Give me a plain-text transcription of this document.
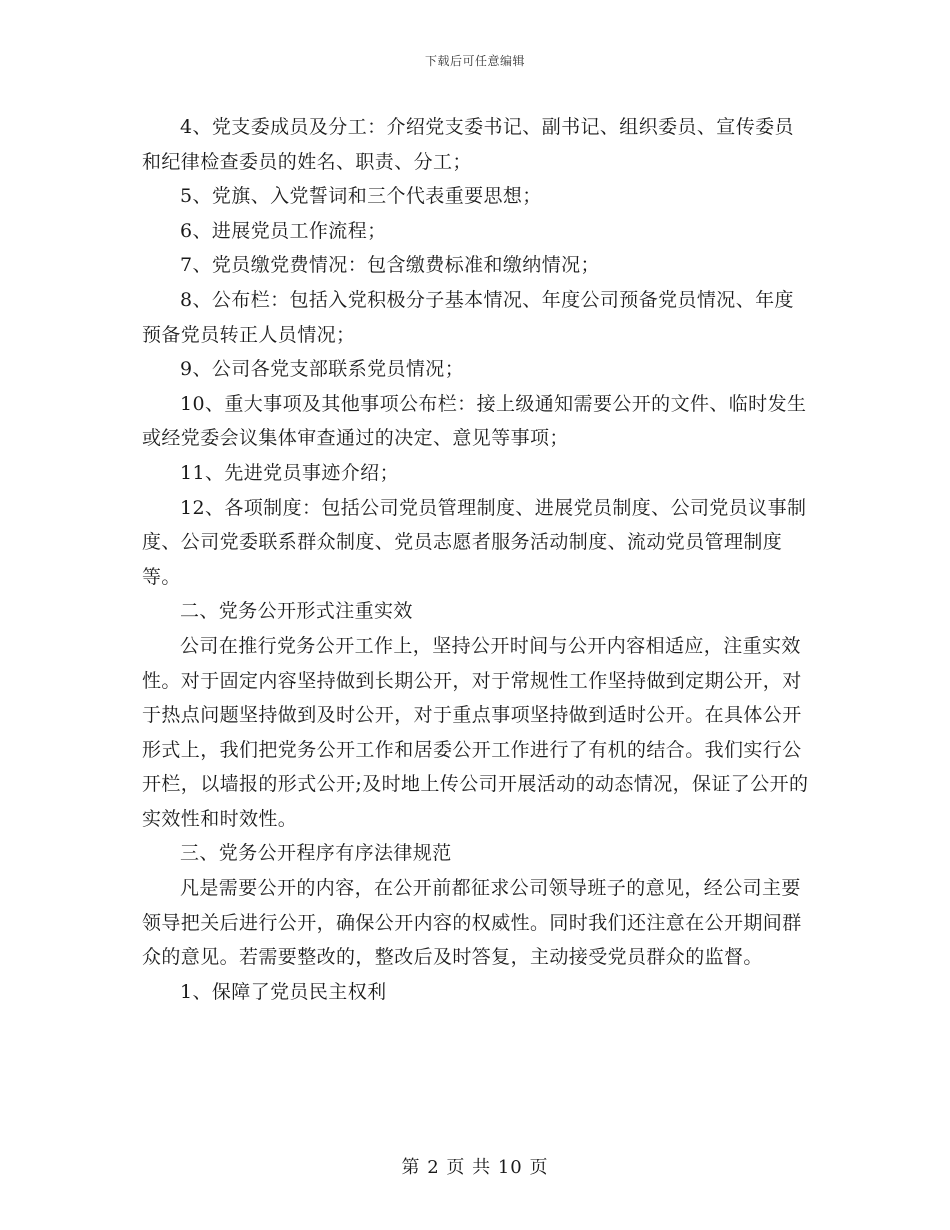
下载后可任意编辑

4、党支委成员及分工：介绍党支委书记、副书记、组织委员、宣传委员和纪律检查委员的姓名、职责、分工；

5、党旗、入党誓词和三个代表重要思想；

6、进展党员工作流程；

7、党员缴党费情况：包含缴费标准和缴纳情况；

8、公布栏：包括入党积极分子基本情况、年度公司预备党员情况、年度预备党员转正人员情况；

9、公司各党支部联系党员情况；

10、重大事项及其他事项公布栏：接上级通知需要公开的文件、临时发生或经党委会议集体审查通过的决定、意见等事项；

11、先进党员事迹介绍；

12、各项制度：包括公司党员管理制度、进展党员制度、公司党员议事制度、公司党委联系群众制度、党员志愿者服务活动制度、流动党员管理制度等。

二、党务公开形式注重实效

公司在推行党务公开工作上，坚持公开时间与公开内容相适应，注重实效性。对于固定内容坚持做到长期公开，对于常规性工作坚持做到定期公开，对于热点问题坚持做到及时公开，对于重点事项坚持做到适时公开。在具体公开形式上，我们把党务公开工作和居委公开工作进行了有机的结合。我们实行公开栏，以墙报的形式公开;及时地上传公司开展活动的动态情况，保证了公开的实效性和时效性。

三、党务公开程序有序法律规范

凡是需要公开的内容，在公开前都征求公司领导班子的意见，经公司主要领导把关后进行公开，确保公开内容的权威性。同时我们还注意在公开期间群众的意见。若需要整改的，整改后及时答复，主动接受党员群众的监督。

1、保障了党员民主权利

第 2 页 共 10 页
